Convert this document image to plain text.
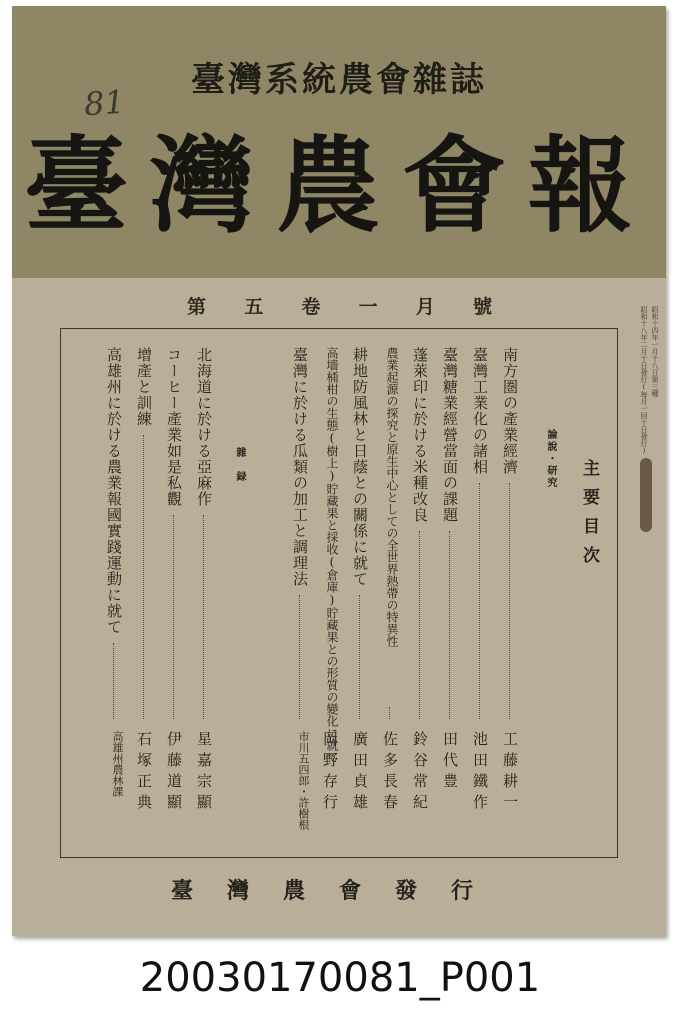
臺灣系統農會雜誌
81
臺灣農會報
第 五 卷 一 月 號	昭和十四年一月十八日第三種
昭和十八年二月十日發行(毎月一回十日發行)
主要目次
論說・研究
雜録	南方圏の產業經濟
工藤耕一
臺灣工業化の諸相
池田鐵作
臺灣糖業經營當面の課題
田代豊
蓬萊印に於ける米種改良
鈴谷常紀
農業起源の探究と原生中心としての全世界熱帶の特異性
佐多長春
耕地防風林と日蔭との關係に就て
廣田貞雄
高墻桶柑の生態(樹上)貯藏果と採收(倉庫)貯藏果との形質の變化に就て
岡野存行
臺灣に於ける瓜類の加工と調理法
市川五四郎・許樹根
北海道に於ける亞麻作
星嘉宗顯
コーヒー產業如是私觀
伊藤道顯
增產と訓練
石塚正典
高雄州に於ける農業報國實踐運動に就て
高雄州農林課
臺灣農會發行
20030170081_P001
